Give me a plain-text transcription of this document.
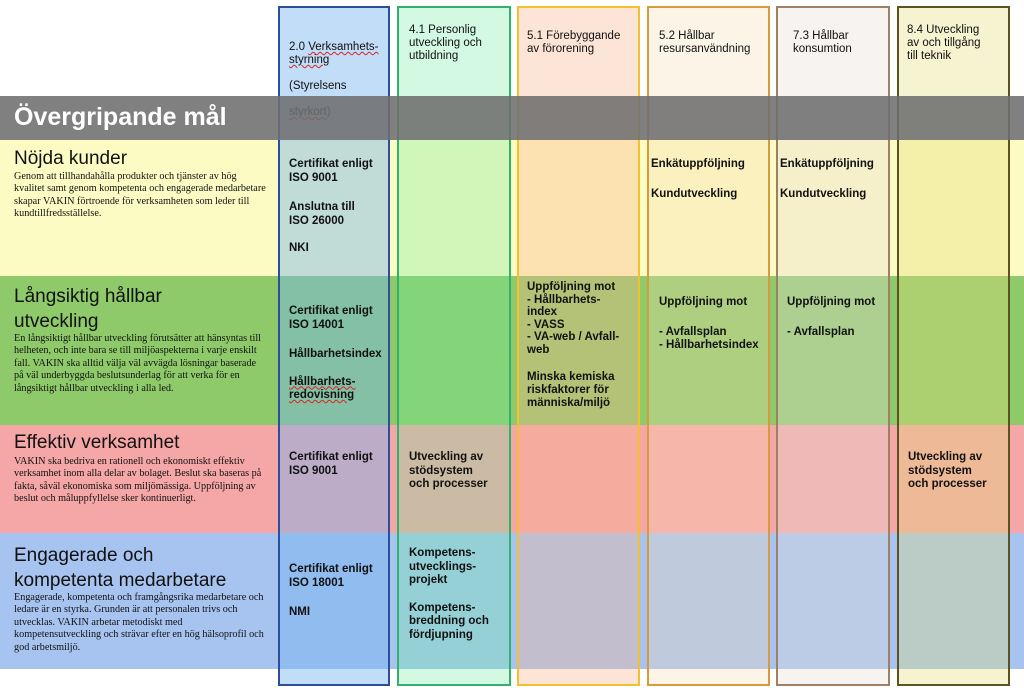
2.0 Verksamhets-

styrning

(Styrelsens

4.1 Personlig
utveckling och
utbildning
5.1 Förebyggande
av förorening
5.2 Hållbar
resursanvändning
7.3 Hållbar
konsumtion
8.4 Utveckling
av och tillgång
till teknik
Övergripande mål
Nöjda kunder
Genom att tillhandahålla produkter och tjänster av hög kvalitet samt genom kompetenta och engagerade medarbetare skapar VAKIN förtroende för verksamheten som leder till kundtillfredsställelse.
Långsiktig hållbar
utveckling
En långsiktigt hållbar utveckling förutsätter att hänsyntas till helheten, och inte bara se till miljöaspekterna i varje enskilt fall. VAKIN ska alltid välja väl avvägda lösningar baserade på väl underbyggda beslutsunderlag för att verka för en långsiktigt hållbar utveckling i alla led.
Effektiv verksamhet
VAKIN ska bedriva en rationell och ekonomiskt effektiv verksamhet inom alla delar av bolaget. Beslut ska baseras på fakta, såväl ekonomiska som miljömässiga. Uppföljning av beslut och måluppfyllelse sker kontinuerligt.
Engagerade och
kompetenta medarbetare
Engagerade, kompetenta och framgångsrika medarbetare och ledare är en styrka. Grunden är att personalen trivs och utvecklas. VAKIN arbetar metodiskt med kompetensutveckling och strävar efter en hög hälsoprofil och god arbetsmiljö.
Certifikat enligt
ISO 9001
Anslutna till
ISO 26000
NKI
Enkätuppföljning
Kundutveckling
Enkätuppföljning
Kundutveckling
Certifikat enligt
ISO 14001
Hållbarhetsindex
Hållbarhets-
redovisning
Uppföljning mot
- Hållbarhets-
index
- VASS
- VA-web / Avfall-
web
Minska kemiska
riskfaktorer för
människa/miljö
Uppföljning mot
- Avfallsplan
- Hållbarhetsindex
Uppföljning mot
- Avfallsplan
Certifikat enligt
ISO 9001
Utveckling av
stödsystem
och processer
Utveckling av
stödsystem
och processer
Certifikat enligt
ISO 18001
NMI
Kompetens-
utvecklings-
projekt
Kompetens-
breddning och
fördjupning
